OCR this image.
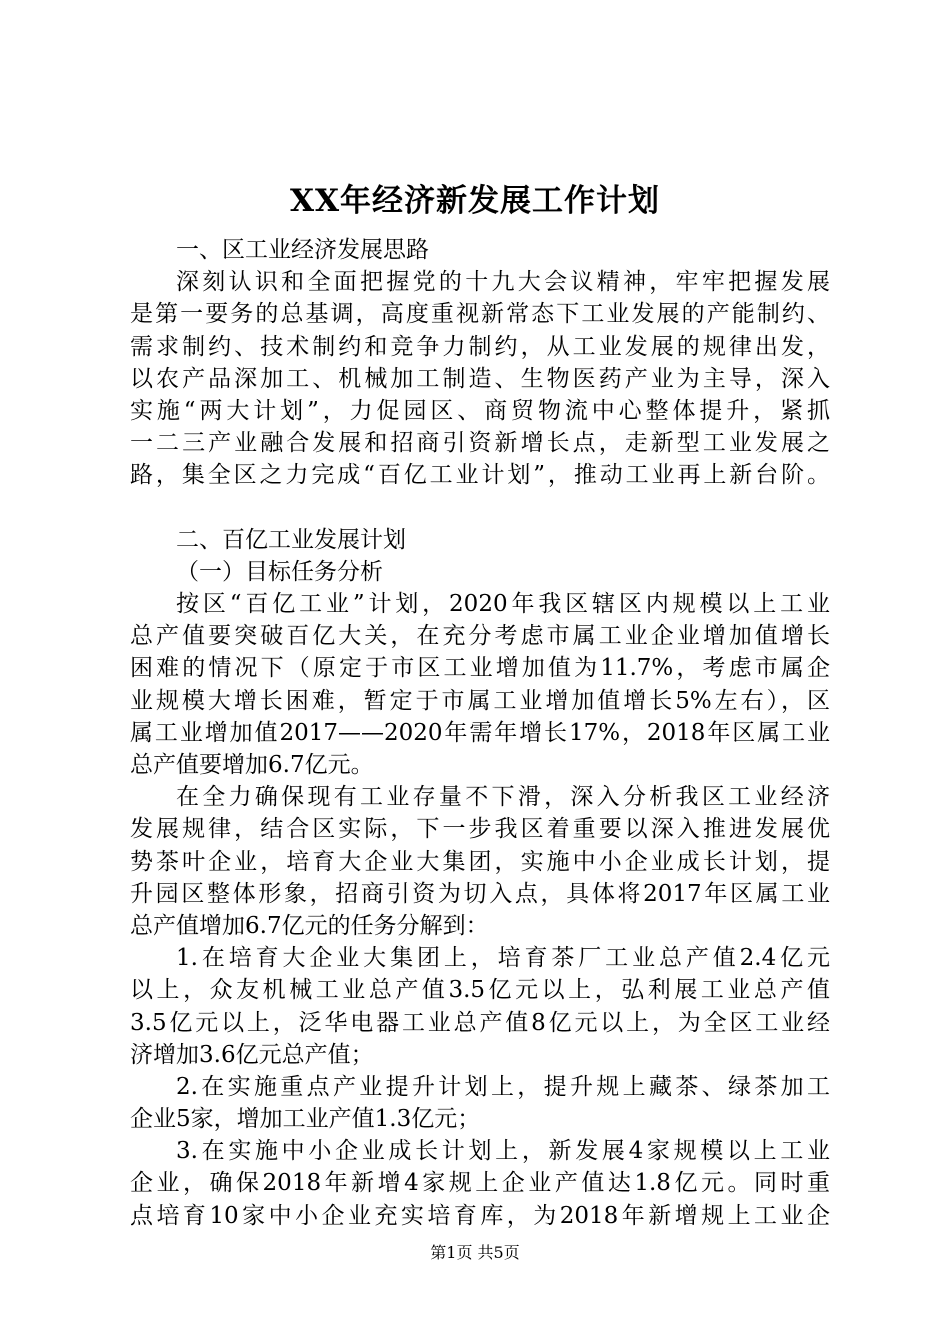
XX年经济新发展工作计划
一、区工业经济发展思路
深刻认识和全面把握党的十九大会议精神，牢牢把握发展
是第一要务的总基调，高度重视新常态下工业发展的产能制约、
需求制约、技术制约和竞争力制约，从工业发展的规律出发，
以农产品深加工、机械加工制造、生物医药产业为主导，深入
实施“两大计划”，力促园区、商贸物流中心整体提升，紧抓
一二三产业融合发展和招商引资新增长点，走新型工业发展之
路，集全区之力完成“百亿工业计划”，推动工业再上新台阶。
二、百亿工业发展计划
（一）目标任务分析
按区“百亿工业”计划，2020年我区辖区内规模以上工业
总产值要突破百亿大关，在充分考虑市属工业企业增加值增长
困难的情况下（原定于市区工业增加值为11.7%，考虑市属企
业规模大增长困难，暂定于市属工业增加值增长5%左右），区
属工业增加值2017——2020年需年增长17%，2018年区属工业
总产值要增加6.7亿元。
在全力确保现有工业存量不下滑，深入分析我区工业经济
发展规律，结合区实际，下一步我区着重要以深入推进发展优
势茶叶企业，培育大企业大集团，实施中小企业成长计划，提
升园区整体形象，招商引资为切入点，具体将2017年区属工业
总产值增加6.7亿元的任务分解到：
1.在培育大企业大集团上，培育茶厂工业总产值2.4亿元
以上，众友机械工业总产值3.5亿元以上，弘利展工业总产值
3.5亿元以上，泛华电器工业总产值8亿元以上，为全区工业经
济增加3.6亿元总产值；
2.在实施重点产业提升计划上，提升规上藏茶、绿茶加工
企业5家，增加工业产值1.3亿元；
3.在实施中小企业成长计划上，新发展4家规模以上工业
企业，确保2018年新增4家规上企业产值达1.8亿元。同时重
点培育10家中小企业充实培育库，为2018年新增规上工业企
第1页 共5页
